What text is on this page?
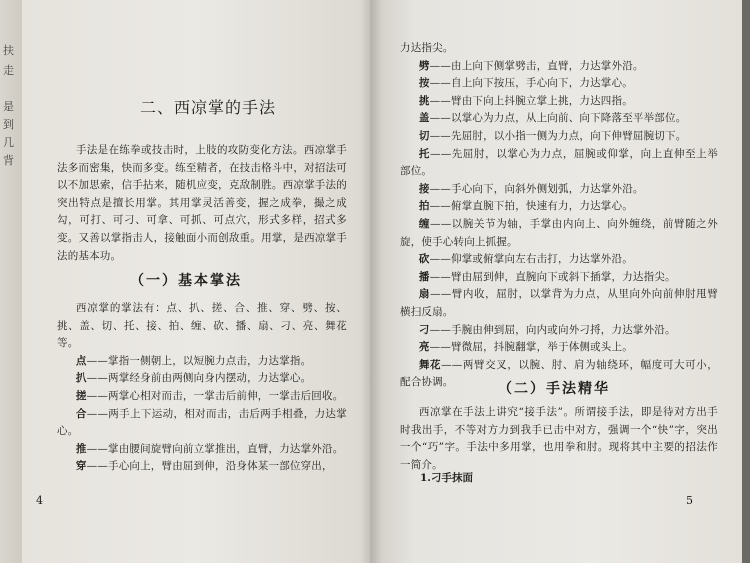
扶
走
是
到
几
背
二、西凉掌的手法

手法是在练拳或技击时，上肢的攻防变化方法。西凉掌手法多而密集，快而多变。练至精者，在技击格斗中，对招法可以不加思索，信手拈来，随机应变，克敌制胜。西凉掌手法的突出特点是擅长用掌。其用掌灵活善变，握之成拳，撮之成勾，可打、可刁、可拿、可抓、可点穴，形式多样，招式多变。又善以掌指击人，接触面小而创敌重。用掌，是西凉掌手法的基本功。

（一）基本掌法

西凉掌的掌法有：点、扒、搓、合、推、穿、劈、按、挑、盖、切、托、接、拍、缠、砍、播、扇、刁、亮、舞花等。

点——掌指一侧朝上，以短腕力点击，力达掌指。

扒——两掌经身前由两侧向身内摆动，力达掌心。

搓——两掌心相对而击，一掌击后前伸，一掌击后回收。

合——两手上下运动，相对而击，击后两手相叠，力达掌心。

推——掌由腰间旋臂向前立掌推出，直臂，力达掌外沿。

穿——手心向上，臂由屈到伸，沿身体某一部位穿出，

4

力达指尖。

劈——由上向下侧掌劈击，直臂，力达掌外沿。

按——自上向下按压，手心向下，力达掌心。

挑——臂由下向上抖腕立掌上挑，力达四指。

盖——以掌心为力点，从上向前、向下降落至平举部位。

切——先屈肘，以小指一侧为力点，向下伸臂屈腕切下。

托——先屈肘，以掌心为力点，屈腕或仰掌，向上直伸至上举部位。

接——手心向下，向斜外侧划弧，力达掌外沿。

拍——俯掌直腕下拍，快速有力，力达掌心。

缠——以腕关节为轴，手掌由内向上、向外缠绕，前臂随之外旋，使手心转向上抓握。

砍——仰掌或俯掌向左右击打，力达掌外沿。

播——臂由屈到伸，直腕向下或斜下插掌，力达指尖。

扇——臂内收，屈肘，以掌背为力点，从里向外向前伸肘甩臂横扫反扇。

刁——手腕由伸到屈，向内或向外刁捋，力达掌外沿。

亮——臂微屈，抖腕翻掌，举于体侧或头上。

舞花——两臂交叉，以腕、肘、肩为轴绕环，幅度可大可小，配合协调。	（二）手法精华

西凉掌在手法上讲究“接手法”。所谓接手法，即是待对方出手时我出手，不等对方力到我手已击中对方，强调一个“快”字，突出一个“巧”字。手法中多用掌，也用拳和肘。现将其中主要的招法作一简介。

1.刁手抹面
5
